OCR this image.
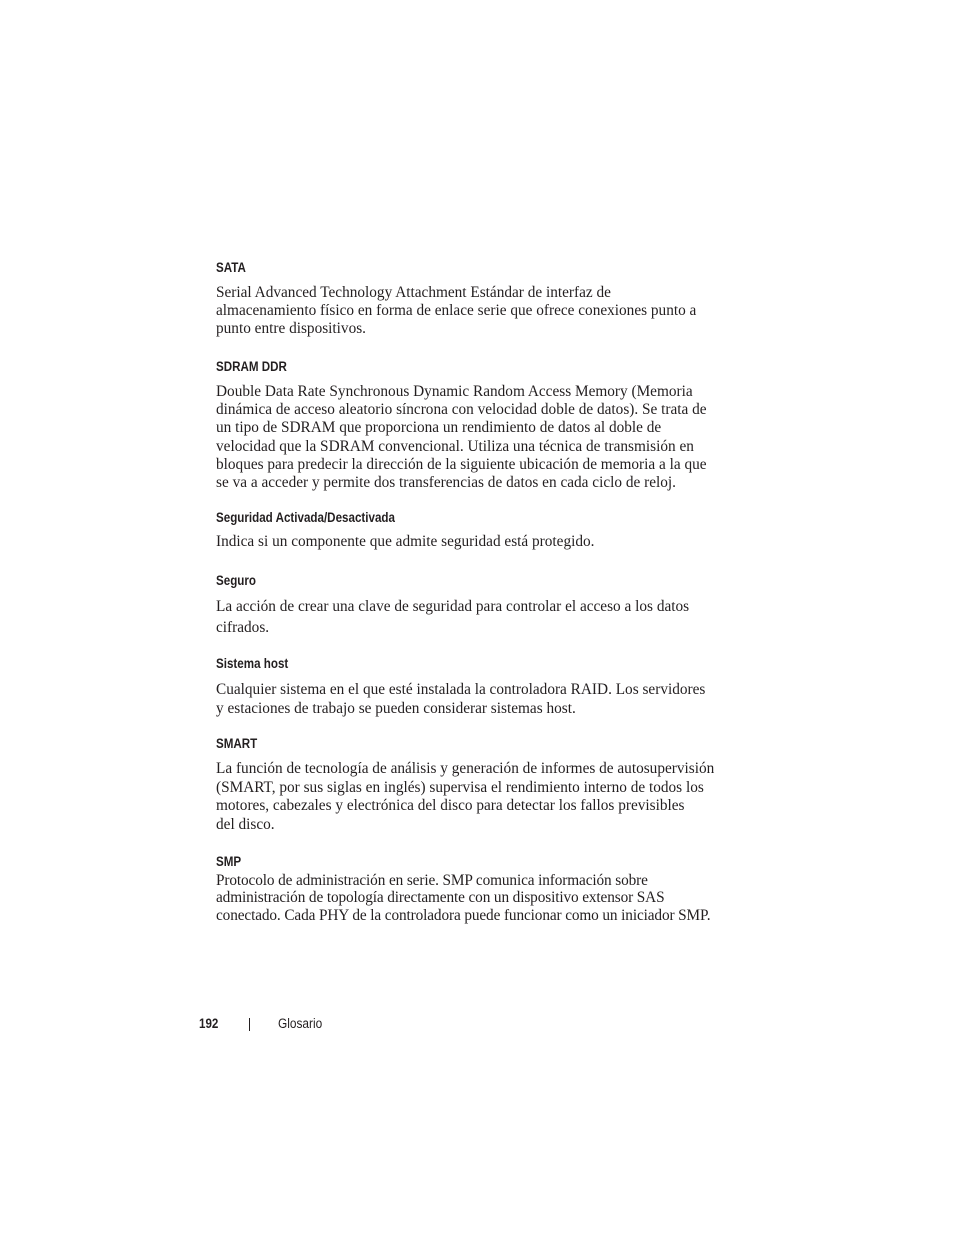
SATA

Serial Advanced Technology Attachment Estándar de interfaz de
almacenamiento físico en forma de enlace serie que ofrece conexiones punto a
punto entre dispositivos.

SDRAM DDR

Double Data Rate Synchronous Dynamic Random Access Memory (Memoria
dinámica de acceso aleatorio síncrona con velocidad doble de datos). Se trata de
un tipo de SDRAM que proporciona un rendimiento de datos al doble de
velocidad que la SDRAM convencional. Utiliza una técnica de transmisión en
bloques para predecir la dirección de la siguiente ubicación de memoria a la que
se va a acceder y permite dos transferencias de datos en cada ciclo de reloj.

Seguridad Activada/Desactivada

Indica si un componente que admite seguridad está protegido.

Seguro

La acción de crear una clave de seguridad para controlar el acceso a los datos
cifrados.

Sistema host

Cualquier sistema en el que esté instalada la controladora RAID. Los servidores
y estaciones de trabajo se pueden considerar sistemas host.

SMART

La función de tecnología de análisis y generación de informes de autosupervisión
(SMART, por sus siglas en inglés) supervisa el rendimiento interno de todos los
motores, cabezales y electrónica del disco para detectar los fallos previsibles
del disco.

SMP

Protocolo de administración en serie. SMP comunica información sobre
administración de topología directamente con un dispositivo extensor SAS
conectado. Cada PHY de la controladora puede funcionar como un iniciador SMP.

192	Glosario
